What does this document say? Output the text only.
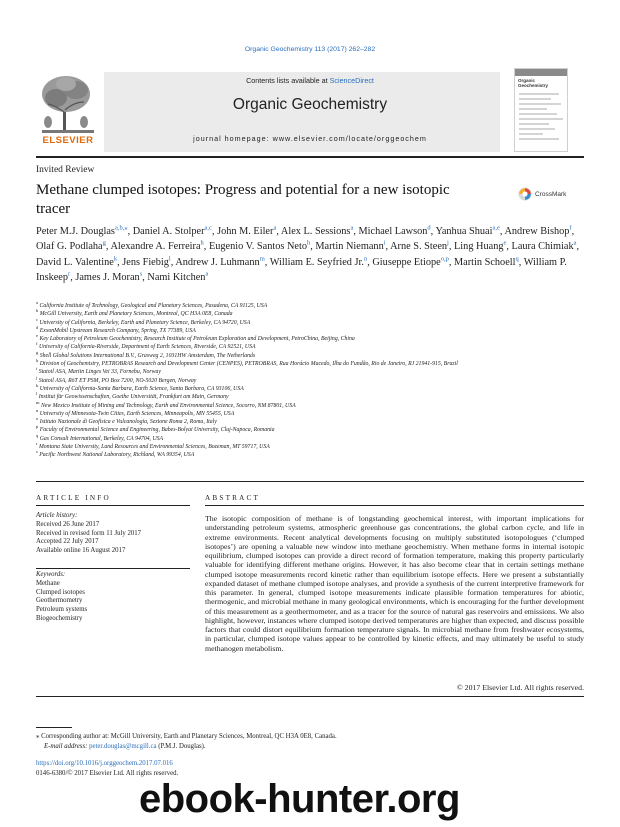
Organic Geochemistry 113 (2017) 262–282
Contents lists available at ScienceDirect
Organic Geochemistry
journal homepage: www.elsevier.com/locate/orggeochem
ELSEVIER
Organic Geochemistry
Invited Review
Methane clumped isotopes: Progress and potential for a new isotopic tracer
CrossMark
Peter M.J. Douglas$^{a,b,⁎}$, Daniel A. Stolper$^{a,c}$, John M. Eiler$^a$, Alex L. Sessions$^a$, Michael Lawson$^d$, Yanhua Shuai$^{a,e}$, Andrew Bishop$^f$, Olaf G. Podlaha$^g$, Alexandre A. Ferreira$^h$, Eugenio V. Santos Neto$^h$, Martin Niemann$^i$, Arne S. Steen$^j$, Ling Huang$^e$, Laura Chimiak$^a$, David L. Valentine$^k$, Jens Fiebig$^l$, Andrew J. Luhmann$^m$, William E. Seyfried Jr.$^n$, Giuseppe Etiope$^{o,p}$, Martin Schoell$^q$, William P. Inskeep$^r$, James J. Moran$^s$, Nami Kitchen$^a$
$^a$ California Institute of Technology, Geological and Planetary Sciences, Pasadena, CA 91125, USA
$^b$ McGill University, Earth and Planetary Sciences, Montreal, QC H3A 0E8, Canada
$^c$ University of California, Berkeley, Earth and Planetary Science, Berkeley, CA 94720, USA
$^d$ ExxonMobil Upstream Research Company, Spring, TX 77389, USA
$^e$ Key Laboratory of Petroleum Geochemistry, Research Institute of Petroleum Exploration and Development, PetroChina, Beijing, China
$^f$ University of California-Riverside, Department of Earth Sciences, Riverside, CA 92521, USA
$^g$ Shell Global Solutions International B.V., Grasweg 2, 1031HW Amsterdam, The Netherlands
$^h$ Division of Geochemistry, PETROBRAS Research and Development Center (CENPES), PETROBRAS, Rua Horácio Macedo, Ilha do Fundão, Rio de Janeiro, RJ 21941-915, Brazil
$^i$ Statoil ASA, Martin Linges Vei 33, Fornebu, Norway
$^j$ Statoil ASA, RöT ET PSM, PO Box 7200, NO-5020 Bergen, Norway
$^k$ University of California-Santa Barbara, Earth Science, Santa Barbara, CA 93106, USA
$^l$ Institut für Geowissenschaften, Goethe Universität, Frankfurt am Main, Germany
$^m$ New Mexico Institute of Mining and Technology, Earth and Environmental Science, Socorro, NM 87801, USA
$^n$ University of Minnesota-Twin Cities, Earth Sciences, Minneapolis, MN 55455, USA
$^o$ Istituto Nazionale di Geofisica e Vulcanologia, Sezione Roma 2, Roma, Italy
$^p$ Faculty of Environmental Science and Engineering, Babes-Bolyai University, Cluj-Napoca, Romania
$^q$ Gas Consult International, Berkeley, CA 94704, USA
$^r$ Montana State University, Land Resources and Environmental Sciences, Bozeman, MT 59717, USA
$^s$ Pacific Northwest National Laboratory, Richland, WA 99354, USA
ARTICLE INFO
Article history:
Received 26 June 2017
Received in revised form 11 July 2017
Accepted 22 July 2017
Available online 16 August 2017
Keywords:
Methane
Clumped isotopes
Geothermometry
Petroleum systems
Biogeochemistry
ABSTRACT
The isotopic composition of methane is of longstanding geochemical interest, with important implications for understanding petroleum systems, atmospheric greenhouse gas concentrations, the global carbon cycle, and life in extreme environments. Recent analytical developments focusing on multiply substituted isotopologues (‘clumped isotopes’) are opening a valuable new window into methane geochemistry. When methane forms in internal isotopic equilibrium, clumped isotopes can provide a direct record of formation temperature, making this property particularly valuable for identifying different methane origins. However, it has also become clear that in certain settings methane clumped isotope measurements record kinetic rather than equilibrium isotope effects. Here we present a substantially expanded dataset of methane clumped isotope analyses, and provide a synthesis of the current interpretive framework for this parameter. In general, clumped isotope measurements indicate plausible formation temperatures for abiotic, thermogenic, and microbial methane in many geological environments, which is encouraging for the further development of this measurement as a geothermometer, and as a tracer for the source of natural gas reservoirs and emissions. We also highlight, however, instances where clumped isotope derived temperatures are higher than expected, and discuss possible factors that could distort equilibrium formation temperature signals. In microbial methane from freshwater ecosystems, in particular, clumped isotope values appear to be controlled by kinetic effects, and may ultimately be useful to study methanogen metabolism.
© 2017 Elsevier Ltd. All rights reserved.
⁎ Corresponding author at: McGill University, Earth and Planetary Sciences, Montreal, QC H3A 0E8, Canada.
E-mail address: peter.douglas@mcgill.ca (P.M.J. Douglas).
https://doi.org/10.1016/j.orggeochem.2017.07.016
0146-6380/© 2017 Elsevier Ltd. All rights reserved.
ebook-hunter.org
